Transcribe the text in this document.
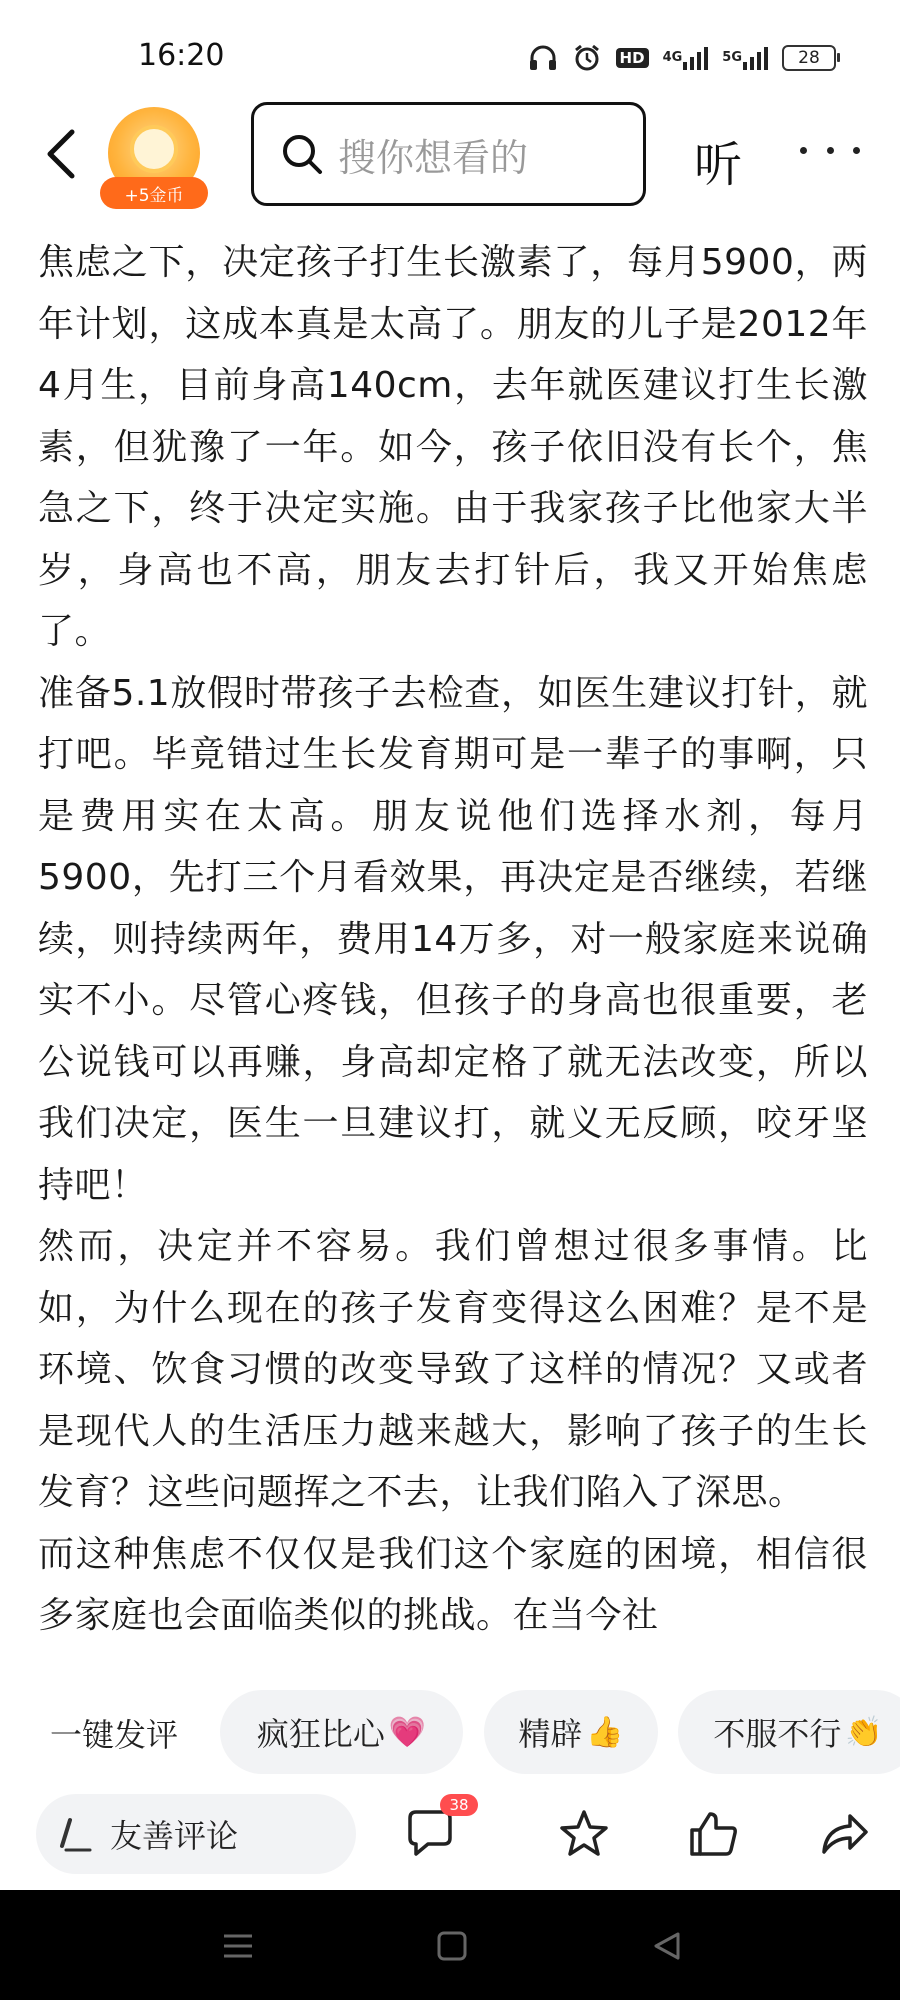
16:20	HD	4G	5G	28
+5金币
搜你想看的	听

焦虑之下，决定孩子打生长激素了，每月5900，两年计划，这成本真是太高了。朋友的儿子是2012年4月生，目前身高140cm，去年就医建议打生长激素，但犹豫了一年。如今，孩子依旧没有长个，焦急之下，终于决定实施。由于我家孩子比他家大半岁，身高也不高，朋友去打针后，我又开始焦虑了。

准备5.1放假时带孩子去检查，如医生建议打针，就打吧。毕竟错过生长发育期可是一辈子的事啊，只是费用实在太高。朋友说他们选择水剂，每月5900，先打三个月看效果，再决定是否继续，若继续，则持续两年，费用14万多，对一般家庭来说确实不小。尽管心疼钱，但孩子的身高也很重要，老公说钱可以再赚，身高却定格了就无法改变，所以我们决定，医生一旦建议打，就义无反顾，咬牙坚持吧！

然而，决定并不容易。我们曾想过很多事情。比如，为什么现在的孩子发育变得这么困难？是不是环境、饮食习惯的改变导致了这样的情况？又或者是现代人的生活压力越来越大，影响了孩子的生长发育？这些问题挥之不去，让我们陷入了深思。

而这种焦虑不仅仅是我们这个家庭的困境，相信很多家庭也会面临类似的挑战。在当今社

一键发评 疯狂比心 💗	精辟 👍	不服不行 👏
友善评论
38
